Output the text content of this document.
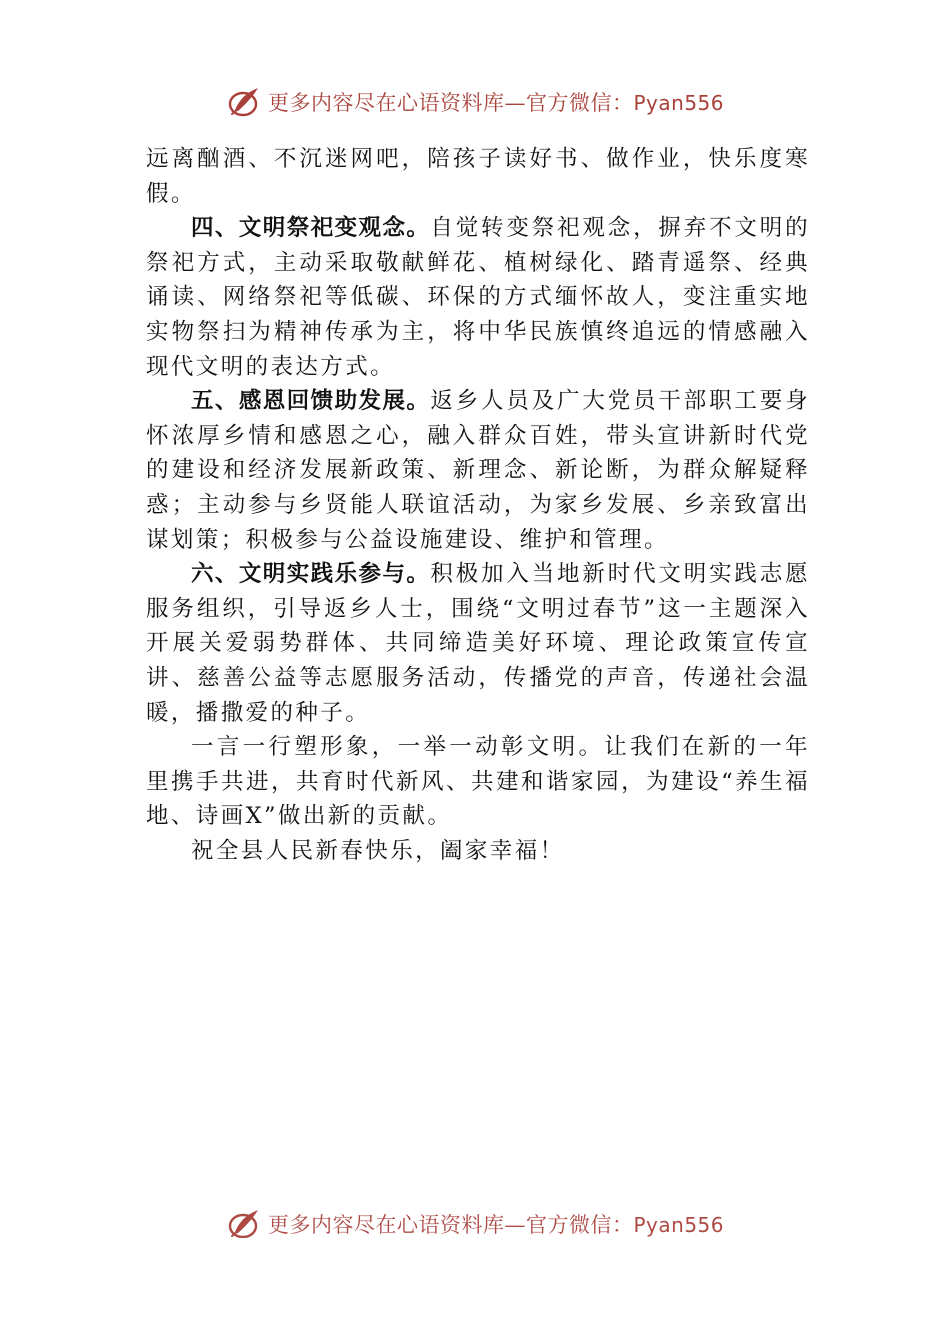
更多内容尽在心语资料库—官方微信：Pyan556

远离酗酒、不沉迷网吧，陪孩子读好书、做作业，快乐度寒假。

四、文明祭祀变观念。自觉转变祭祀观念，摒弃不文明的祭祀方式，主动采取敬献鲜花、植树绿化、踏青遥祭、经典诵读、网络祭祀等低碳、环保的方式缅怀故人，变注重实地实物祭扫为精神传承为主，将中华民族慎终追远的情感融入现代文明的表达方式。

五、感恩回馈助发展。返乡人员及广大党员干部职工要身怀浓厚乡情和感恩之心，融入群众百姓，带头宣讲新时代党的建设和经济发展新政策、新理念、新论断，为群众解疑释惑；主动参与乡贤能人联谊活动，为家乡发展、乡亲致富出谋划策；积极参与公益设施建设、维护和管理。

六、文明实践乐参与。积极加入当地新时代文明实践志愿服务组织，引导返乡人士，围绕“文明过春节”这一主题深入开展关爱弱势群体、共同缔造美好环境、理论政策宣传宣讲、慈善公益等志愿服务活动，传播党的声音，传递社会温暖，播撒爱的种子。

一言一行塑形象，一举一动彰文明。让我们在新的一年里携手共进，共育时代新风、共建和谐家园，为建设“养生福地、诗画X”做出新的贡献。

祝全县人民新春快乐，阖家幸福！

更多内容尽在心语资料库—官方微信：Pyan556
